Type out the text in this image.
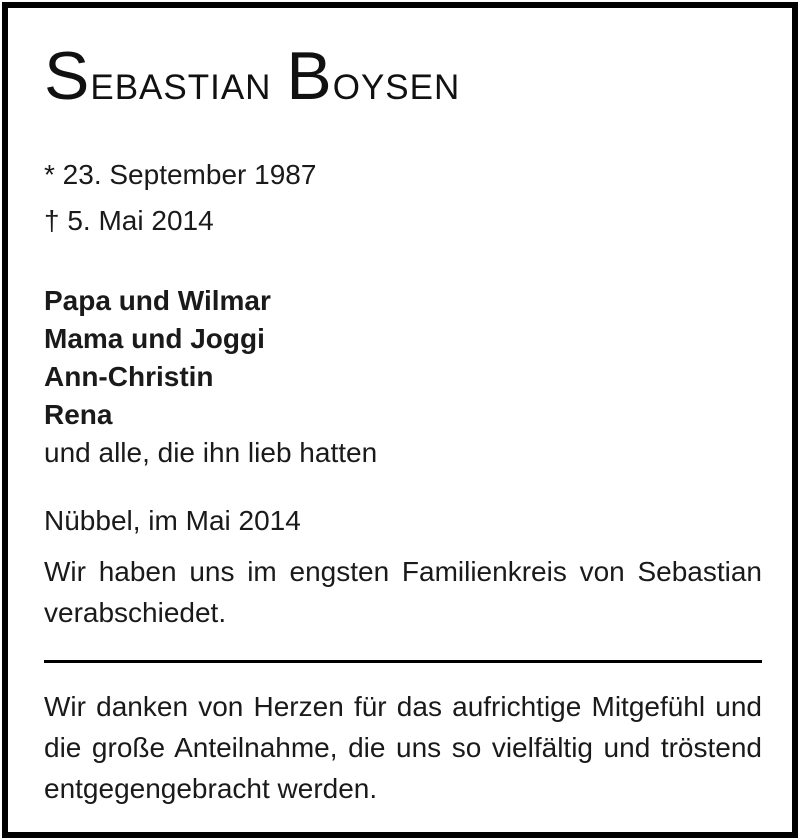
Sebastian Boysen
* 23. September 1987
† 5. Mai 2014
Papa und Wilmar
Mama und Joggi
Ann-Christin
Rena
und alle, die ihn lieb hatten
Nübbel, im Mai 2014
Wir haben uns im engsten Familienkreis von Sebastian verabschiedet.
Wir danken von Herzen für das aufrichtige Mitgefühl und die große Anteilnahme, die uns so vielfältig und tröstend entgegengebracht werden.
